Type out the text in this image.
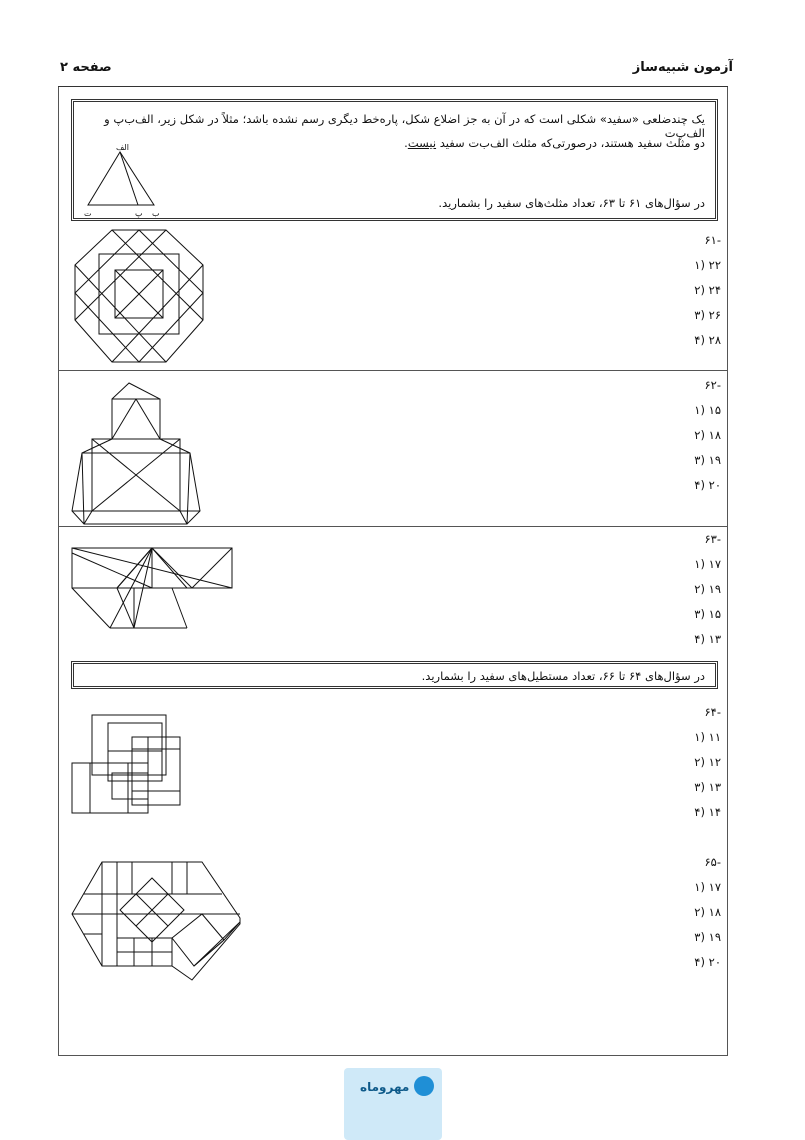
آزمون شبیه‌ساز
صفحه ۲
یک چندضلعی «سفید» شکلی است که در آن به جز اضلاع شکل، پاره‌خط دیگری رسم نشده باشد؛ مثلاً در شکل زیر، الف‌ب‌پ و الف‌پ‌ت
دو مثلث سفید هستند، درصورتی‌که مثلث الف‌ب‌ت سفید نیست.
در سؤال‌های ۶۱ تا ۶۳، تعداد مثلث‌های سفید را بشمارید.
الف
ت	پ ب
-۶۱
۲۲ (۱
۲۴ (۲
۲۶ (۳
۲۸ (۴
-۶۲
۱۵ (۱
۱۸ (۲
۱۹ (۳
۲۰ (۴
-۶۳
۱۷ (۱
۱۹ (۲
۱۵ (۳
۱۳ (۴
در سؤال‌های ۶۴ تا ۶۶، تعداد مستطیل‌های سفید را بشمارید.
-۶۴
۱۱ (۱
۱۲ (۲
۱۳ (۳
۱۴ (۴
-۶۵
۱۷ (۱
۱۸ (۲
۱۹ (۳
۲۰ (۴
مهروماه
